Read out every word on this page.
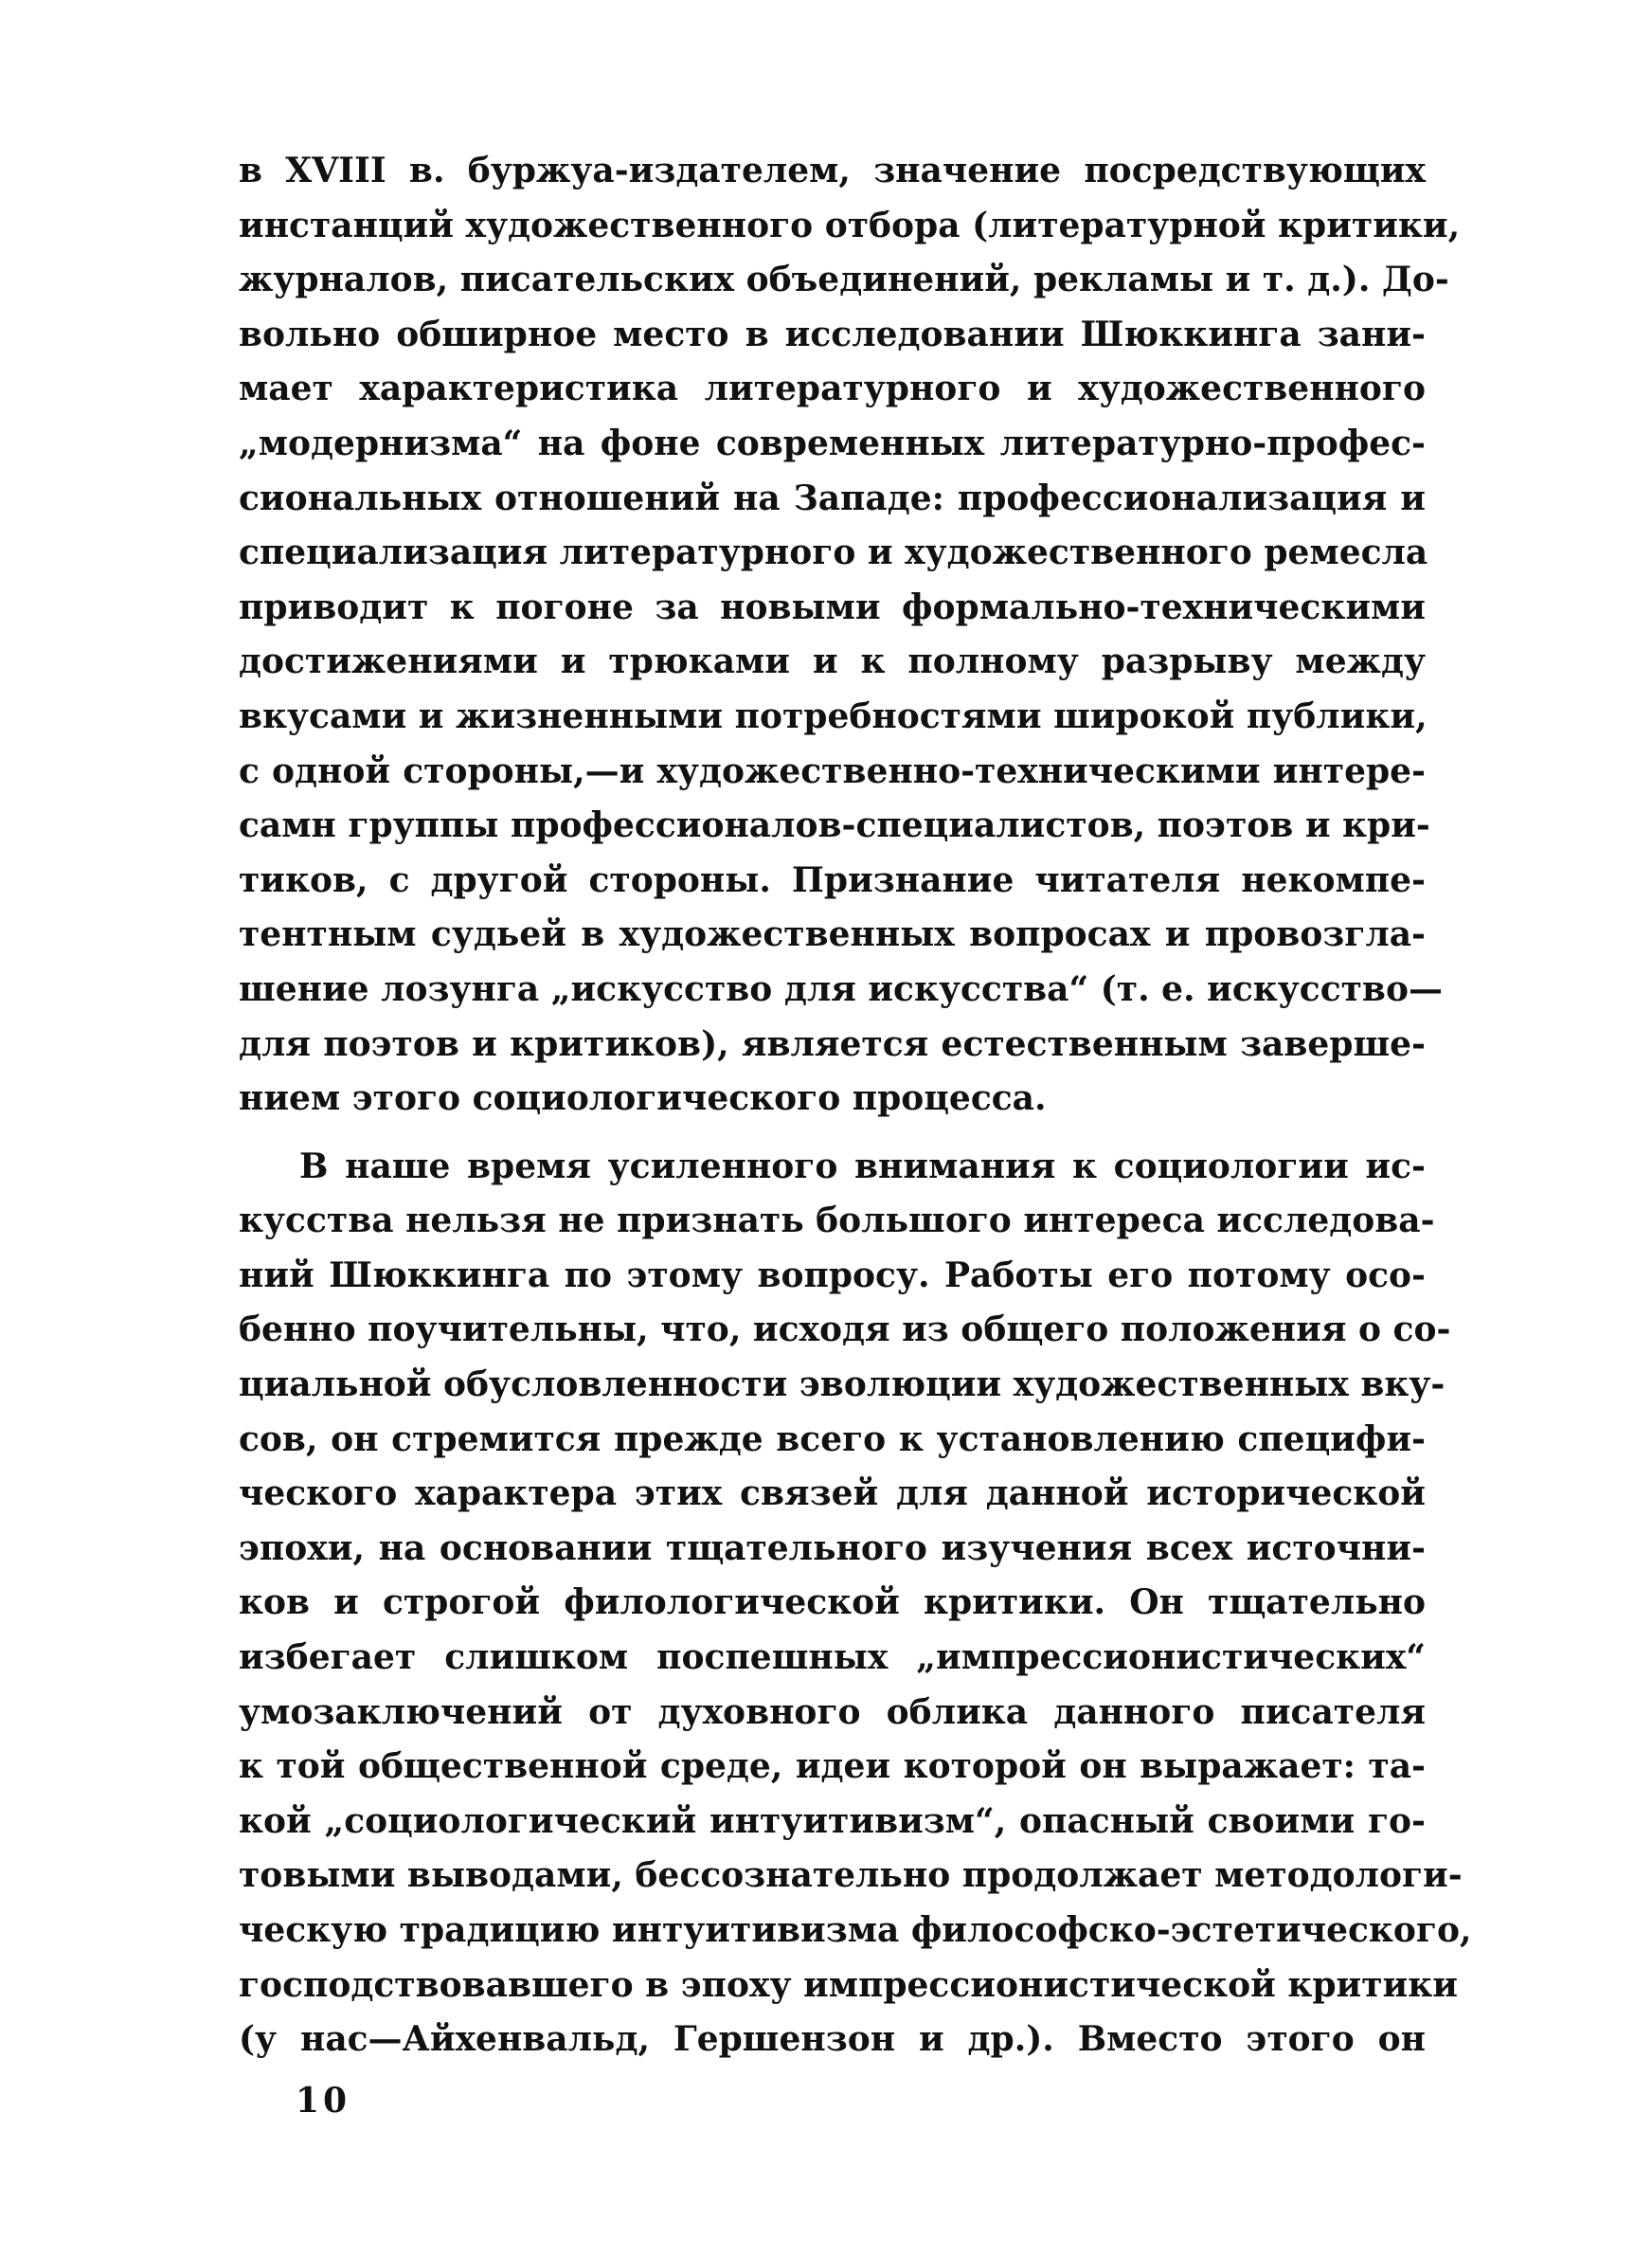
в XVIII в. буржуа-издателем, значение посредствующих
инстанций художественного отбора (литературной критики,
журналов, писательских объединений, рекламы и т. д.). До-
вольно обширное место в исследовании Шюккинга зани-
мает характеристика литературного и художественного
„модернизма“ на фоне современных литературно-профес-
сиональных отношений на Западе: профессионализация и
специализация литературного и художественного ремесла
приводит к погоне за новыми формально-техническими
достижениями и трюками и к полному разрыву между
вкусами и жизненными потребностями широкой публики,
с одной стороны,—и художественно-техническими интере-
самн группы профессионалов-специалистов, поэтов и кри-
тиков, с другой стороны. Признание читателя некомпе-
тентным судьей в художественных вопросах и провозгла-
шение лозунга „искусство для искусства“ (т. е. искусство—
для поэтов и критиков), является естественным заверше-
нием этого социологического процесса.
В наше время усиленного внимания к социологии ис-
кусства нельзя не признать большого интереса исследова-
ний Шюккинга по этому вопросу. Работы его потому осо-
бенно поучительны, что, исходя из общего положения о со-
циальной обусловленности эволюции художественных вку-
сов, он стремится прежде всего к установлению специфи-
ческого характера этих связей для данной исторической
эпохи, на основании тщательного изучения всех источни-
ков и строгой филологической критики. Он тщательно
избегает слишком поспешных „импрессионистических“
умозаключений от духовного облика данного писателя
к той общественной среде, идеи которой он выражает: та-
кой „социологический интуитивизм“, опасный своими го-
товыми выводами, бессознательно продолжает методологи-
ческую традицию интуитивизма философско-эстетического,
господствовавшего в эпоху импрессионистической критики
(у нас—Айхенвальд, Гершензон и др.). Вместо этого он
10
